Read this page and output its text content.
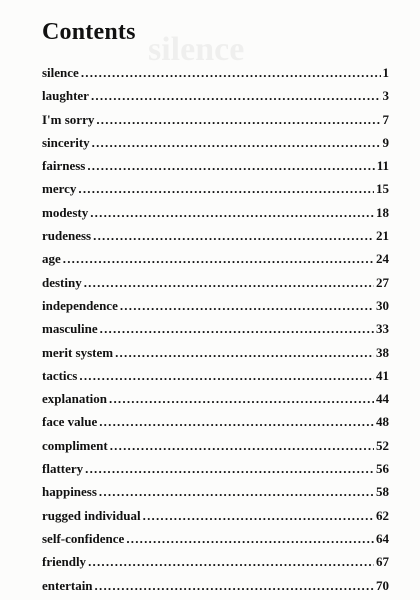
silence
Contents
silence .....	1
laughter .....	3
I'm sorry .....	7
sincerity .....	9
fairness .....	11
mercy .....	15
modesty .....	18
rudeness .....	21
age .....	24
destiny .....	27
independence .....	30
masculine .....	33
merit system .....	38
tactics .....	41
explanation .....	44
face value .....	48
compliment .....	52
flattery .....	56
happiness .....	58
rugged individual .....	62
self-confidence .....	64
friendly .....	67
entertain .....	70
